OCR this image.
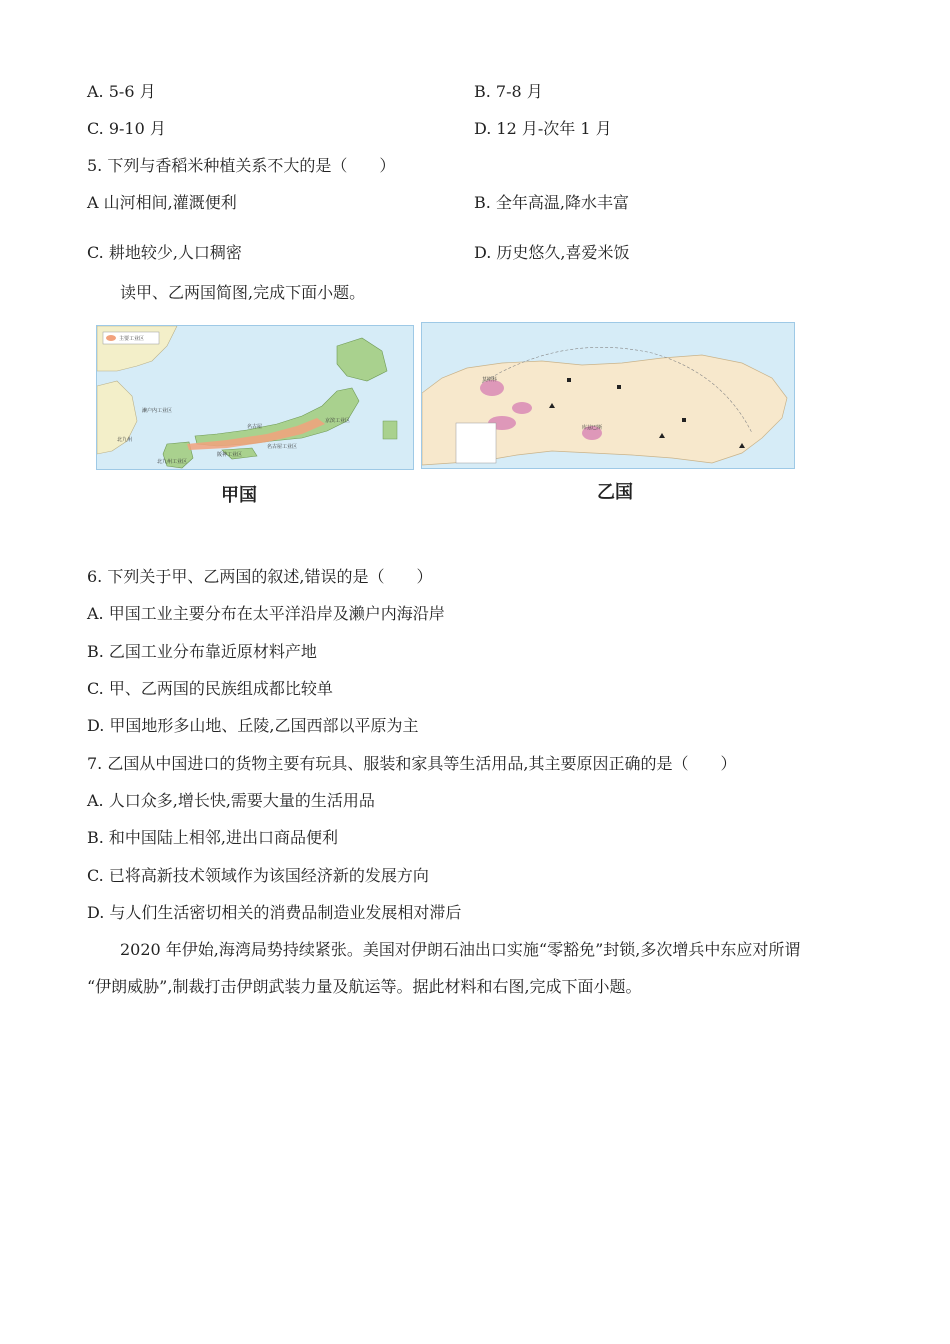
A. 5-6 月	B. 7-8 月
C. 9-10 月	D. 12 月-次年 1 月
5. 下列与香稻米种植关系不大的是（　　）
A 山河相间,灌溉便利	B. 全年高温,降水丰富
C. 耕地较少,人口稠密	D. 历史悠久,喜爱米饭
读甲、乙两国简图,完成下面小题。
主要工业区
濑户内工业区
京滨工业区
名古屋
阪神工业区
名古屋工业区
北九州工业区
北九州
甲国
莫斯科
库兹巴斯
乙国
6. 下列关于甲、乙两国的叙述,错误的是（　　）
A. 甲国工业主要分布在太平洋沿岸及濑户内海沿岸
B. 乙国工业分布靠近原材料产地
C. 甲、乙两国的民族组成都比较单
D. 甲国地形多山地、丘陵,乙国西部以平原为主
7. 乙国从中国进口的货物主要有玩具、服装和家具等生活用品,其主要原因正确的是（　　）
A. 人口众多,增长快,需要大量的生活用品
B. 和中国陆上相邻,进出口商品便利
C. 已将高新技术领域作为该国经济新的发展方向
D. 与人们生活密切相关的消费品制造业发展相对滞后
2020 年伊始,海湾局势持续紧张。美国对伊朗石油出口实施“零豁免”封锁,多次增兵中东应对所谓
“伊朗威胁”,制裁打击伊朗武装力量及航运等。据此材料和右图,完成下面小题。
